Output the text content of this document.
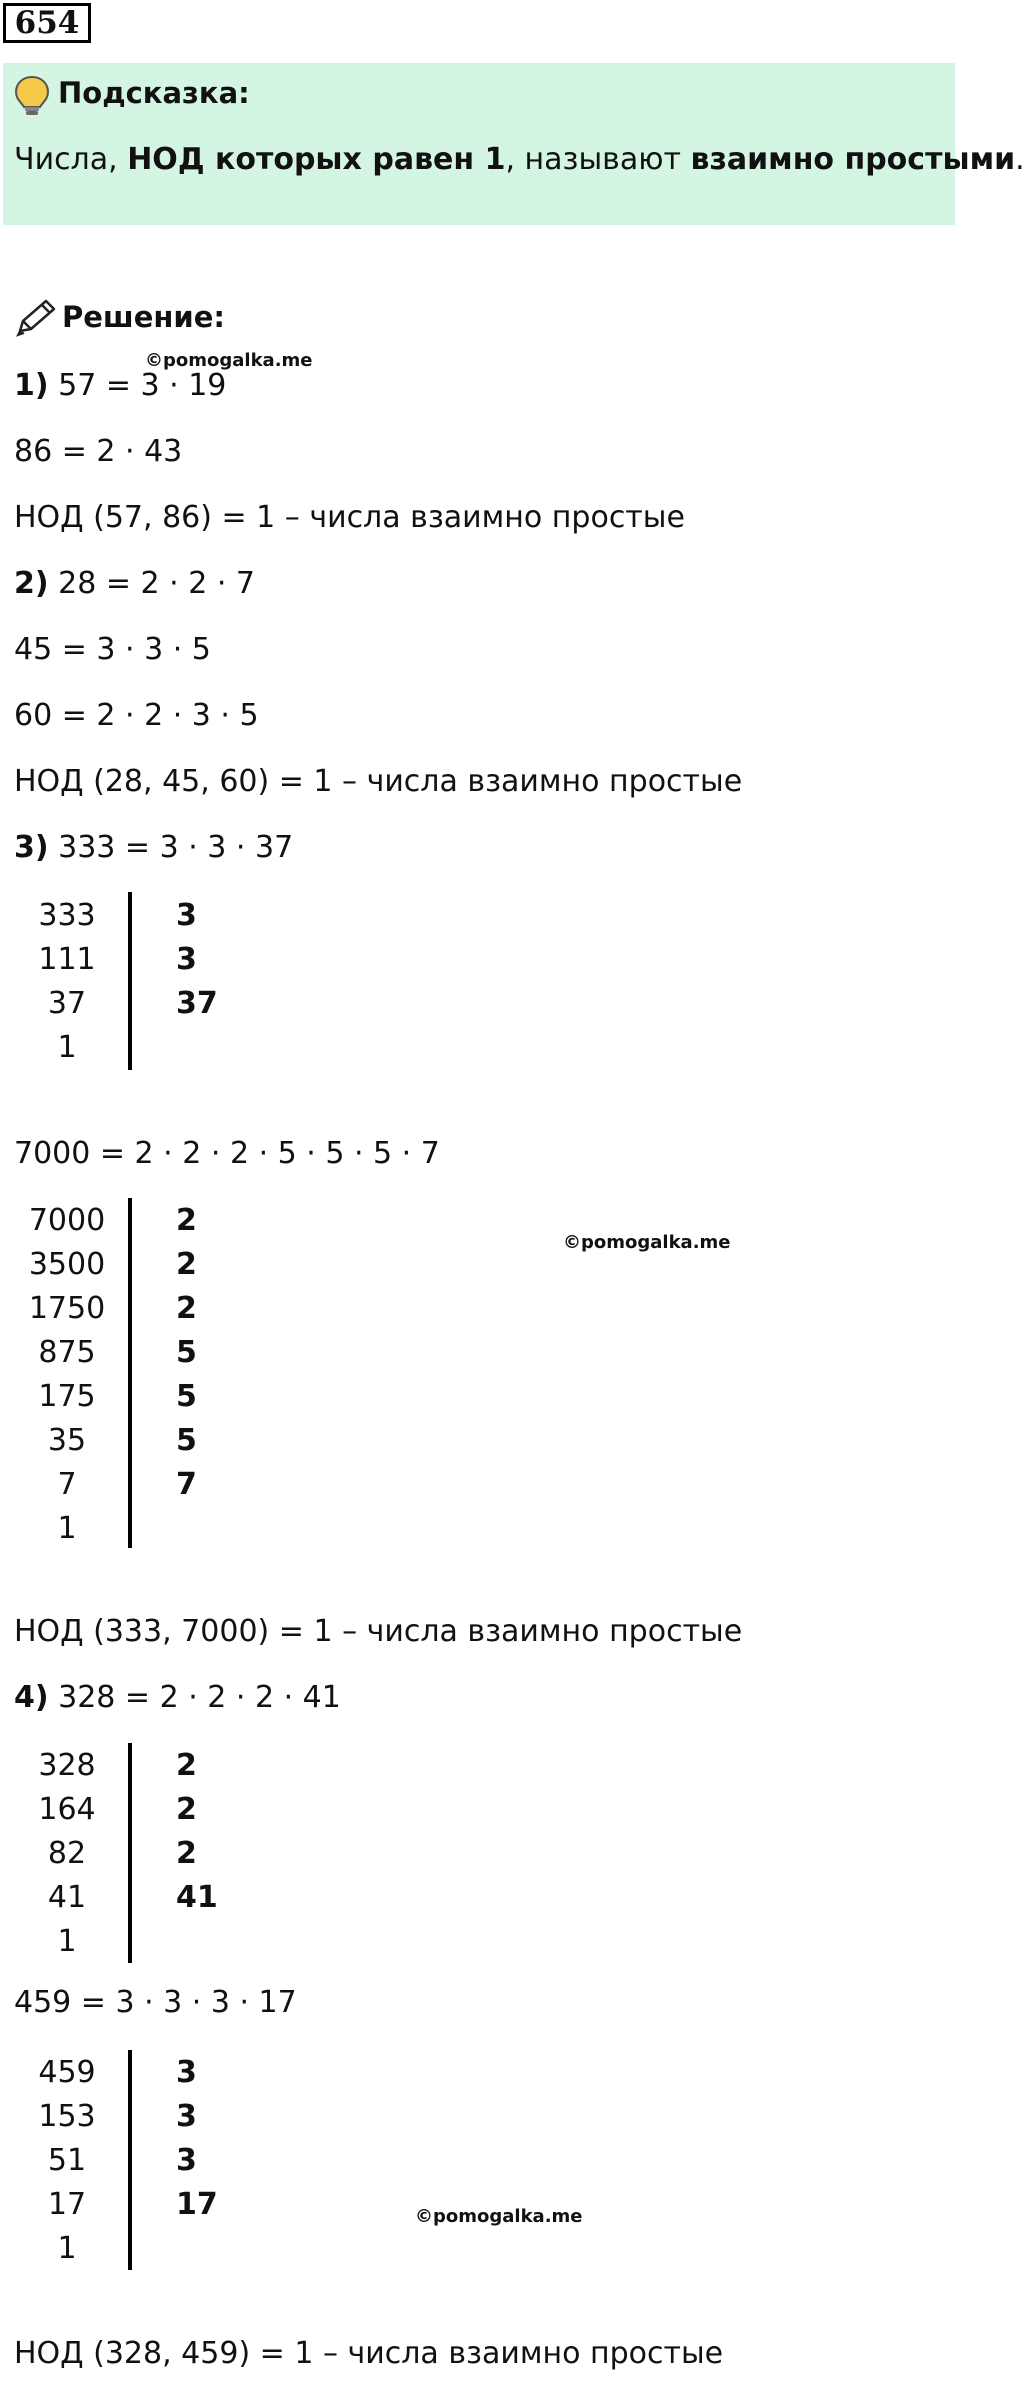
654
Подсказка:
Числа, НОД которых равен 1, называют взаимно простыми.
Решение:
©pomogalka.me
©pomogalka.me
©pomogalka.me
1) 57 = 3 · 19
86 = 2 · 43
НОД (57, 86) = 1 – числа взаимно простые
2) 28 = 2 · 2 · 7
45 = 3 · 3 · 5
60 = 2 · 2 · 3 · 5
НОД (28, 45, 60) = 1 – числа взаимно простые
3) 333 = 3 · 3 · 37
7000 = 2 · 2 · 2 · 5 · 5 · 5 · 7
НОД (333, 7000) = 1 – числа взаимно простые
4) 328 = 2 · 2 · 2 · 41
459 = 3 · 3 · 3 · 17
НОД (328, 459) = 1 – числа взаимно простые
333
111
37
1
3
3
37
7000
3500
1750
875
175
35
7
1
2
2
2
5
5
5
7
328
164
82
41
1
2
2
2
41
459
153
51
17
1
3
3
3
17
